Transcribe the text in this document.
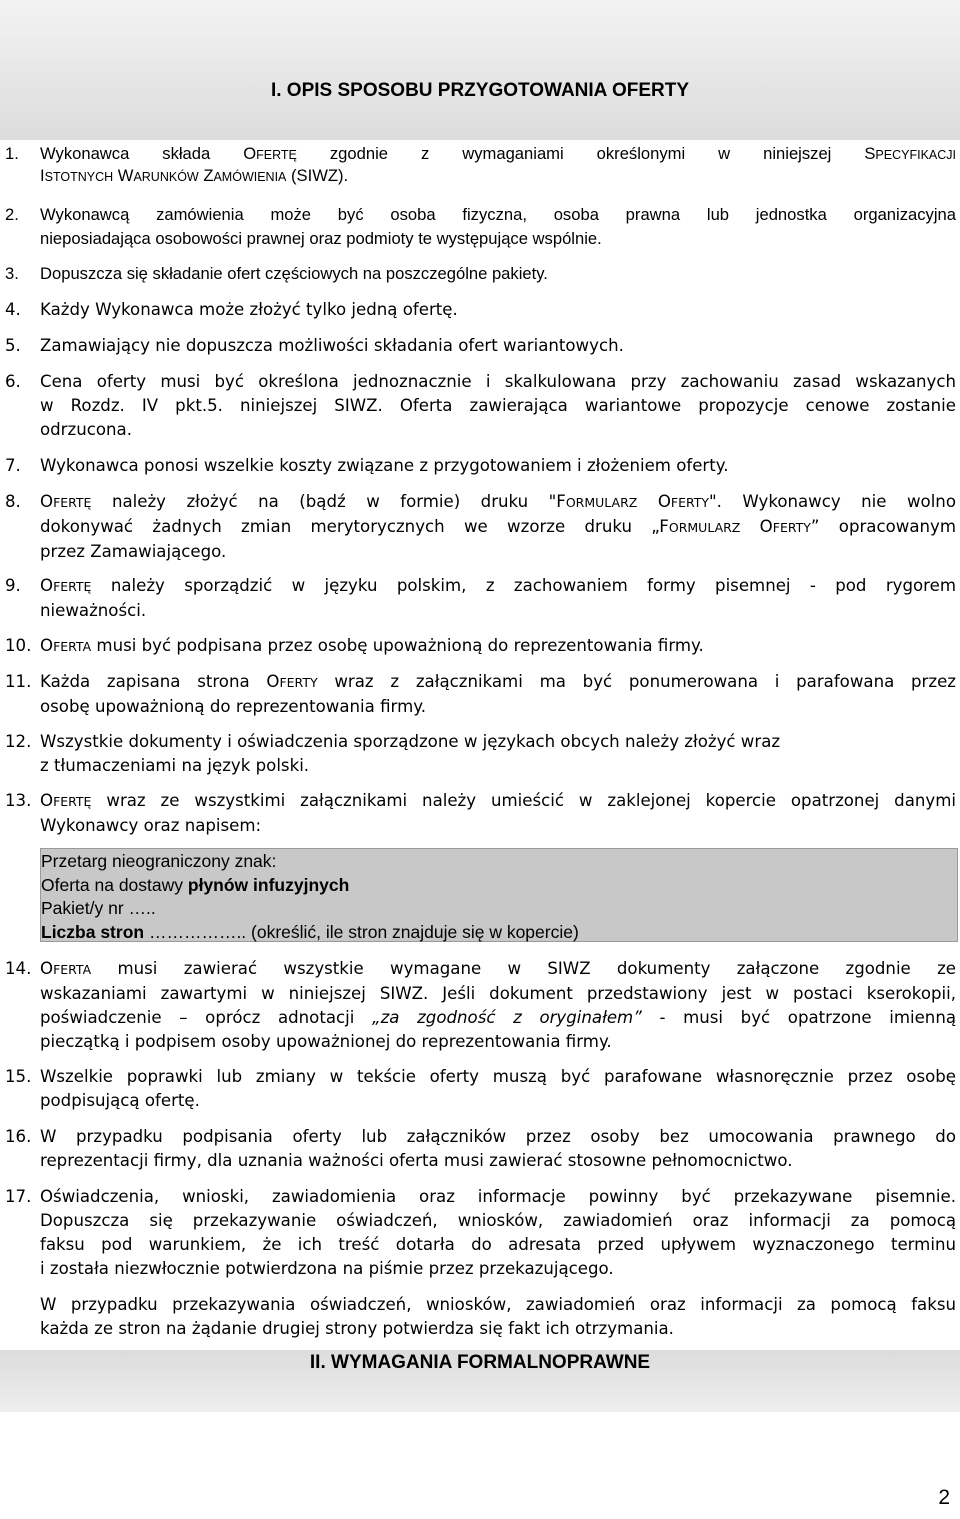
I. OPIS SPOSOBU PRZYGOTOWANIA OFERTY
1. Wykonawca składa OFERTĘ zgodnie z wymaganiami określonymi w niniejszej SPECYFIKACJI
ISTOTNYCH WARUNKÓW ZAMÓWIENIA (SIWZ).
2. Wykonawcą zamówienia może być osoba fizyczna, osoba prawna lub jednostka organizacyjna
nieposiadająca osobowości prawnej oraz podmioty te występujące wspólnie.
3. Dopuszcza się składanie ofert częściowych na poszczególne pakiety.
4. Każdy Wykonawca może złożyć tylko jedną ofertę.
5. Zamawiający nie dopuszcza możliwości składania ofert wariantowych.
6. Cena oferty musi być określona jednoznacznie i skalkulowana przy zachowaniu zasad wskazanych
w Rozdz. IV pkt.5. niniejszej SIWZ. Oferta zawierająca wariantowe propozycje cenowe zostanie
odrzucona.
7. Wykonawca ponosi wszelkie koszty związane z przygotowaniem i złożeniem oferty.
8. OFERTĘ należy złożyć na (bądź w formie) druku "FORMULARZ OFERTY". Wykonawcy nie wolno
dokonywać żadnych zmian merytorycznych we wzorze druku „FORMULARZ OFERTY” opracowanym
przez Zamawiającego.
9. OFERTĘ należy sporządzić w języku polskim, z zachowaniem formy pisemnej - pod rygorem
nieważności.
10. OFERTA musi być podpisana przez osobę upoważnioną do reprezentowania firmy.
11. Każda zapisana strona OFERTY wraz z załącznikami ma być ponumerowana i parafowana przez
osobę upoważnioną do reprezentowania firmy.
12. Wszystkie dokumenty i oświadczenia sporządzone w językach obcych należy złożyć wraz
z tłumaczeniami na język polski.
13. OFERTĘ wraz ze wszystkimi załącznikami należy umieścić w zaklejonej kopercie opatrzonej danymi
Wykonawcy oraz napisem:
Przetarg nieograniczony znak:
Oferta na dostawy płynów infuzyjnych
Pakiet/y nr …..
Liczba stron …………….. (określić, ile stron znajduje się w kopercie)
14. OFERTA musi zawierać wszystkie wymagane w SIWZ dokumenty załączone zgodnie ze
wskazaniami zawartymi w niniejszej SIWZ. Jeśli dokument przedstawiony jest w postaci kserokopii,
poświadczenie – oprócz adnotacji „za zgodność z oryginałem” - musi być opatrzone imienną
pieczątką i podpisem osoby upoważnionej do reprezentowania firmy.
15. Wszelkie poprawki lub zmiany w tekście oferty muszą być parafowane własnoręcznie przez osobę
podpisującą ofertę.
16. W przypadku podpisania oferty lub załączników przez osoby bez umocowania prawnego do
reprezentacji firmy, dla uznania ważności oferta musi zawierać stosowne pełnomocnictwo.
17. Oświadczenia, wnioski, zawiadomienia oraz informacje powinny być przekazywane pisemnie.
Dopuszcza się przekazywanie oświadczeń, wniosków, zawiadomień oraz informacji za pomocą
faksu pod warunkiem, że ich treść dotarła do adresata przed upływem wyznaczonego terminu
i została niezwłocznie potwierdzona na piśmie przez przekazującego.
W przypadku przekazywania oświadczeń, wniosków, zawiadomień oraz informacji za pomocą faksu
każda ze stron na żądanie drugiej strony potwierdza się fakt ich otrzymania.
II. WYMAGANIA FORMALNOPRAWNE
2
